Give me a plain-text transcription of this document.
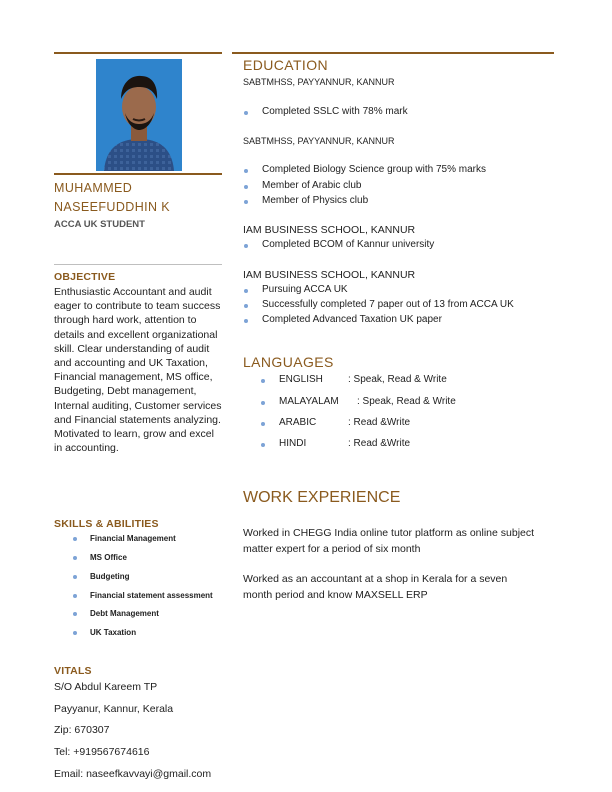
MUHAMMED
NASEEFUDDHIN K
ACCA UK STUDENT
OBJECTIVE
Enthusiastic Accountant and audit eager to contribute to team success through hard work, attention to details and excellent organizational skill. Clear understanding of audit and accounting and UK Taxation, Financial management, MS office, Budgeting, Debt management, Internal auditing, Customer services and Financial statements analyzing. Motivated to learn, grow and excel in accounting.
SKILLS & ABILITIES
Financial Management
MS Office
Budgeting
Financial statement assessment
Debt Management
UK Taxation
VITALS
S/O Abdul Kareem TP
Payyanur, Kannur, Kerala
Zip: 670307
Tel: +919567674616
Email: naseefkavvayi@gmail.com
EDUCATION
SABTMHSS, PAYYANNUR, KANNUR
Completed SSLC with 78% mark
SABTMHSS, PAYYANNUR, KANNUR
Completed Biology Science group with 75% marks
Member of Arabic club
Member of Physics club
IAM BUSINESS SCHOOL, KANNUR
Completed BCOM of Kannur university
IAM BUSINESS SCHOOL, KANNUR
Pursuing ACCA UK
Successfully completed 7 paper out of 13 from ACCA UK
Completed Advanced Taxation UK paper
LANGUAGES
ENGLISH	: Speak, Read & Write
MALAYALAM : Speak, Read & Write
ARABIC	: Read &Write
HINDI	: Read &Write
WORK EXPERIENCE
Worked in CHEGG India online tutor platform as online subject matter expert for a period of six month
Worked as an accountant at a shop in Kerala for a seven month period and know MAXSELL ERP
